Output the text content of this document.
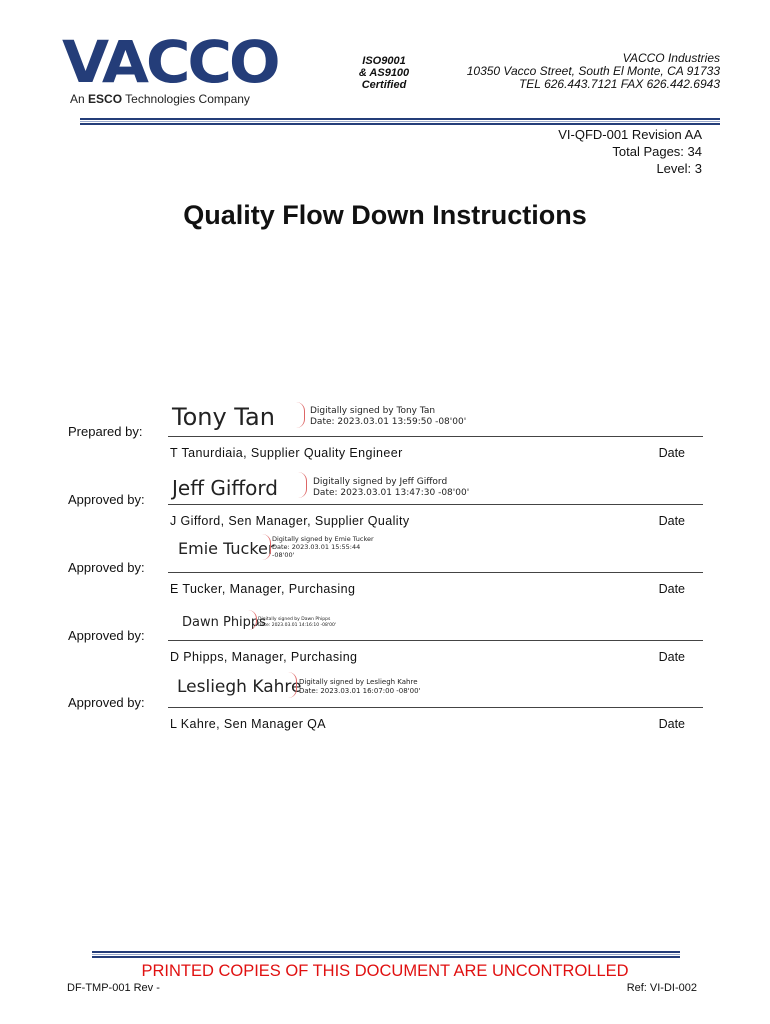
VACCO
An ESCO Technologies Company
ISO9001
& AS9100
Certified
VACCO Industries
10350 Vacco Street, South El Monte, CA 91733
TEL 626.443.7121 FAX 626.442.6943
VI-QFD-001 Revision AA
Total Pages: 34
Level: 3
Quality Flow Down Instructions
Prepared by:
Tony Tan	Digitally signed by Tony Tan
Date: 2023.03.01 13:59:50 -08'00'
T Tanurdiaia, Supplier Quality Engineer	Date
Approved by: Jeff Gifford	Digitally signed by Jeff Gifford
Date: 2023.03.01 13:47:30 -08'00'
J Gifford, Sen Manager, Supplier Quality	Date
Approved by:
Emie Tucker
Digitally signed by Emie Tucker
Date: 2023.03.01 15:55:44
-08'00'
E Tucker, Manager, Purchasing	Date
Approved by:
Dawn Phipps
Digitally signed by Dawn Phipps
Date: 2023.03.01 14:16:10 -08'00'
D Phipps, Manager, Purchasing	Date
Approved by:
Lesliegh Kahre
Digitally signed by Lesliegh Kahre
Date: 2023.03.01 16:07:00 -08'00'
L Kahre, Sen Manager QA	Date
PRINTED COPIES OF THIS DOCUMENT ARE UNCONTROLLED
DF-TMP-001 Rev -	Ref: VI-DI-002
